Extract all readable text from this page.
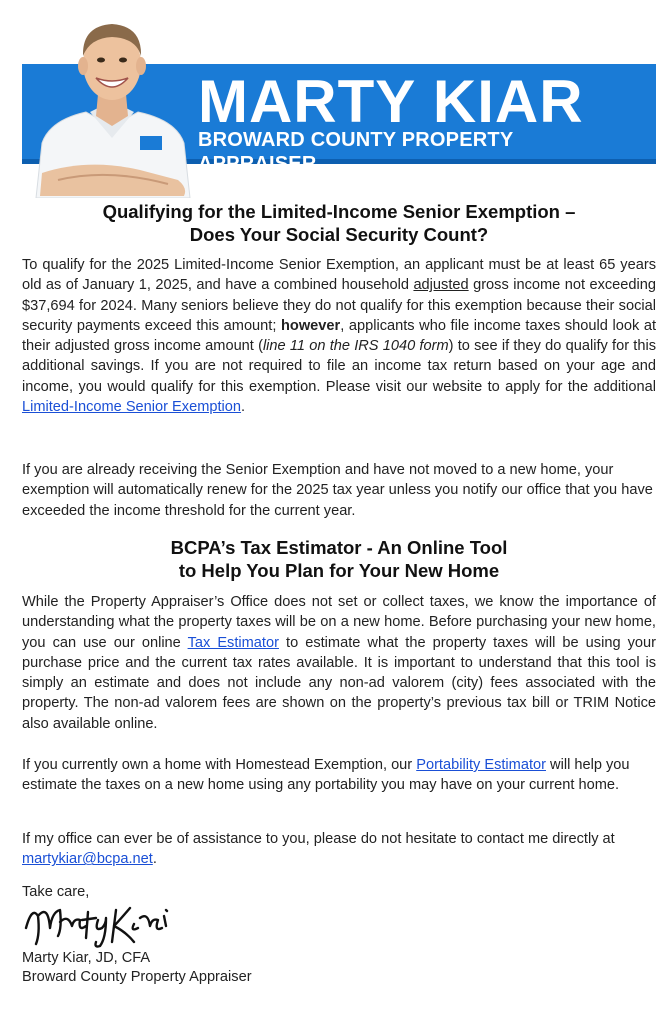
MARTY KIAR
BROWARD COUNTY PROPERTY APPRAISER
Qualifying for the Limited-Income Senior Exemption –
Does Your Social Security Count?

To qualify for the 2025 Limited-Income Senior Exemption, an applicant must be at least 65 years old as of January 1, 2025, and have a combined household adjusted gross income not exceeding $37,694 for 2024. Many seniors believe they do not qualify for this exemption because their social security payments exceed this amount; however, applicants who file income taxes should look at their adjusted gross income amount (line 11 on the IRS 1040 form) to see if they do qualify for this additional savings. If you are not required to file an income tax return based on your age and income, you would qualify for this exemption. Please visit our website to apply for the additional Limited-Income Senior Exemption.

If you are already receiving the Senior Exemption and have not moved to a new home, your exemption will automatically renew for the 2025 tax year unless you notify our office that you have exceeded the income threshold for the current year.

BCPA’s Tax Estimator - An Online Tool
to Help You Plan for Your New Home

While the Property Appraiser’s Office does not set or collect taxes, we know the importance of understanding what the property taxes will be on a new home. Before purchasing your new home, you can use our online Tax Estimator to estimate what the property taxes will be using your purchase price and the current tax rates available. It is important to understand that this tool is simply an estimate and does not include any non-ad valorem (city) fees associated with the property. The non-ad valorem fees are shown on the property’s previous tax bill or TRIM Notice also available online.

If you currently own a home with Homestead Exemption, our Portability Estimator will help you estimate the taxes on a new home using any portability you may have on your current home.

If my office can ever be of assistance to you, please do not hesitate to contact me directly at martykiar@bcpa.net.

Take care,
Marty Kiar, JD, CFA
Broward County Property Appraiser
